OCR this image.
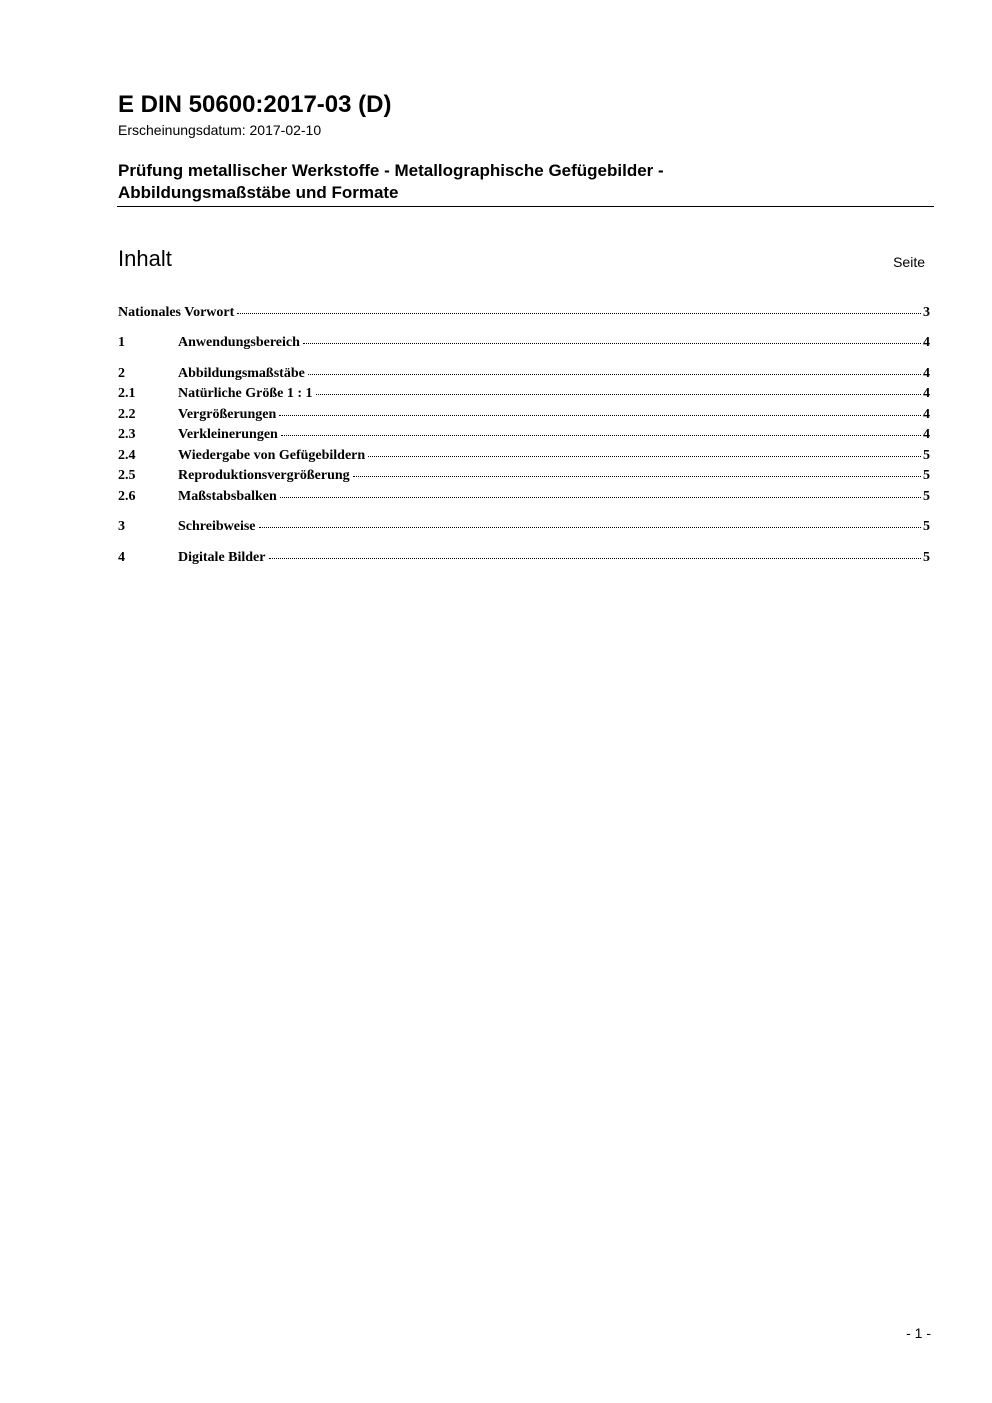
E DIN 50600:2017-03 (D)
Erscheinungsdatum: 2017-02-10
Prüfung metallischer Werkstoffe - Metallographische Gefügebilder -
Abbildungsmaßstäbe und Formate
Inhalt	Seite
Nationales Vorwort	3
1	Anwendungsbereich	4
2	Abbildungsmaßstäbe	4
2.1	Natürliche Größe 1 : 1	4
2.2	Vergrößerungen	4
2.3	Verkleinerungen	4
2.4	Wiedergabe von Gefügebildern	5
2.5	Reproduktionsvergrößerung	5
2.6	Maßstabsbalken	5
3	Schreibweise	5
4	Digitale Bilder	5
- 1 -
